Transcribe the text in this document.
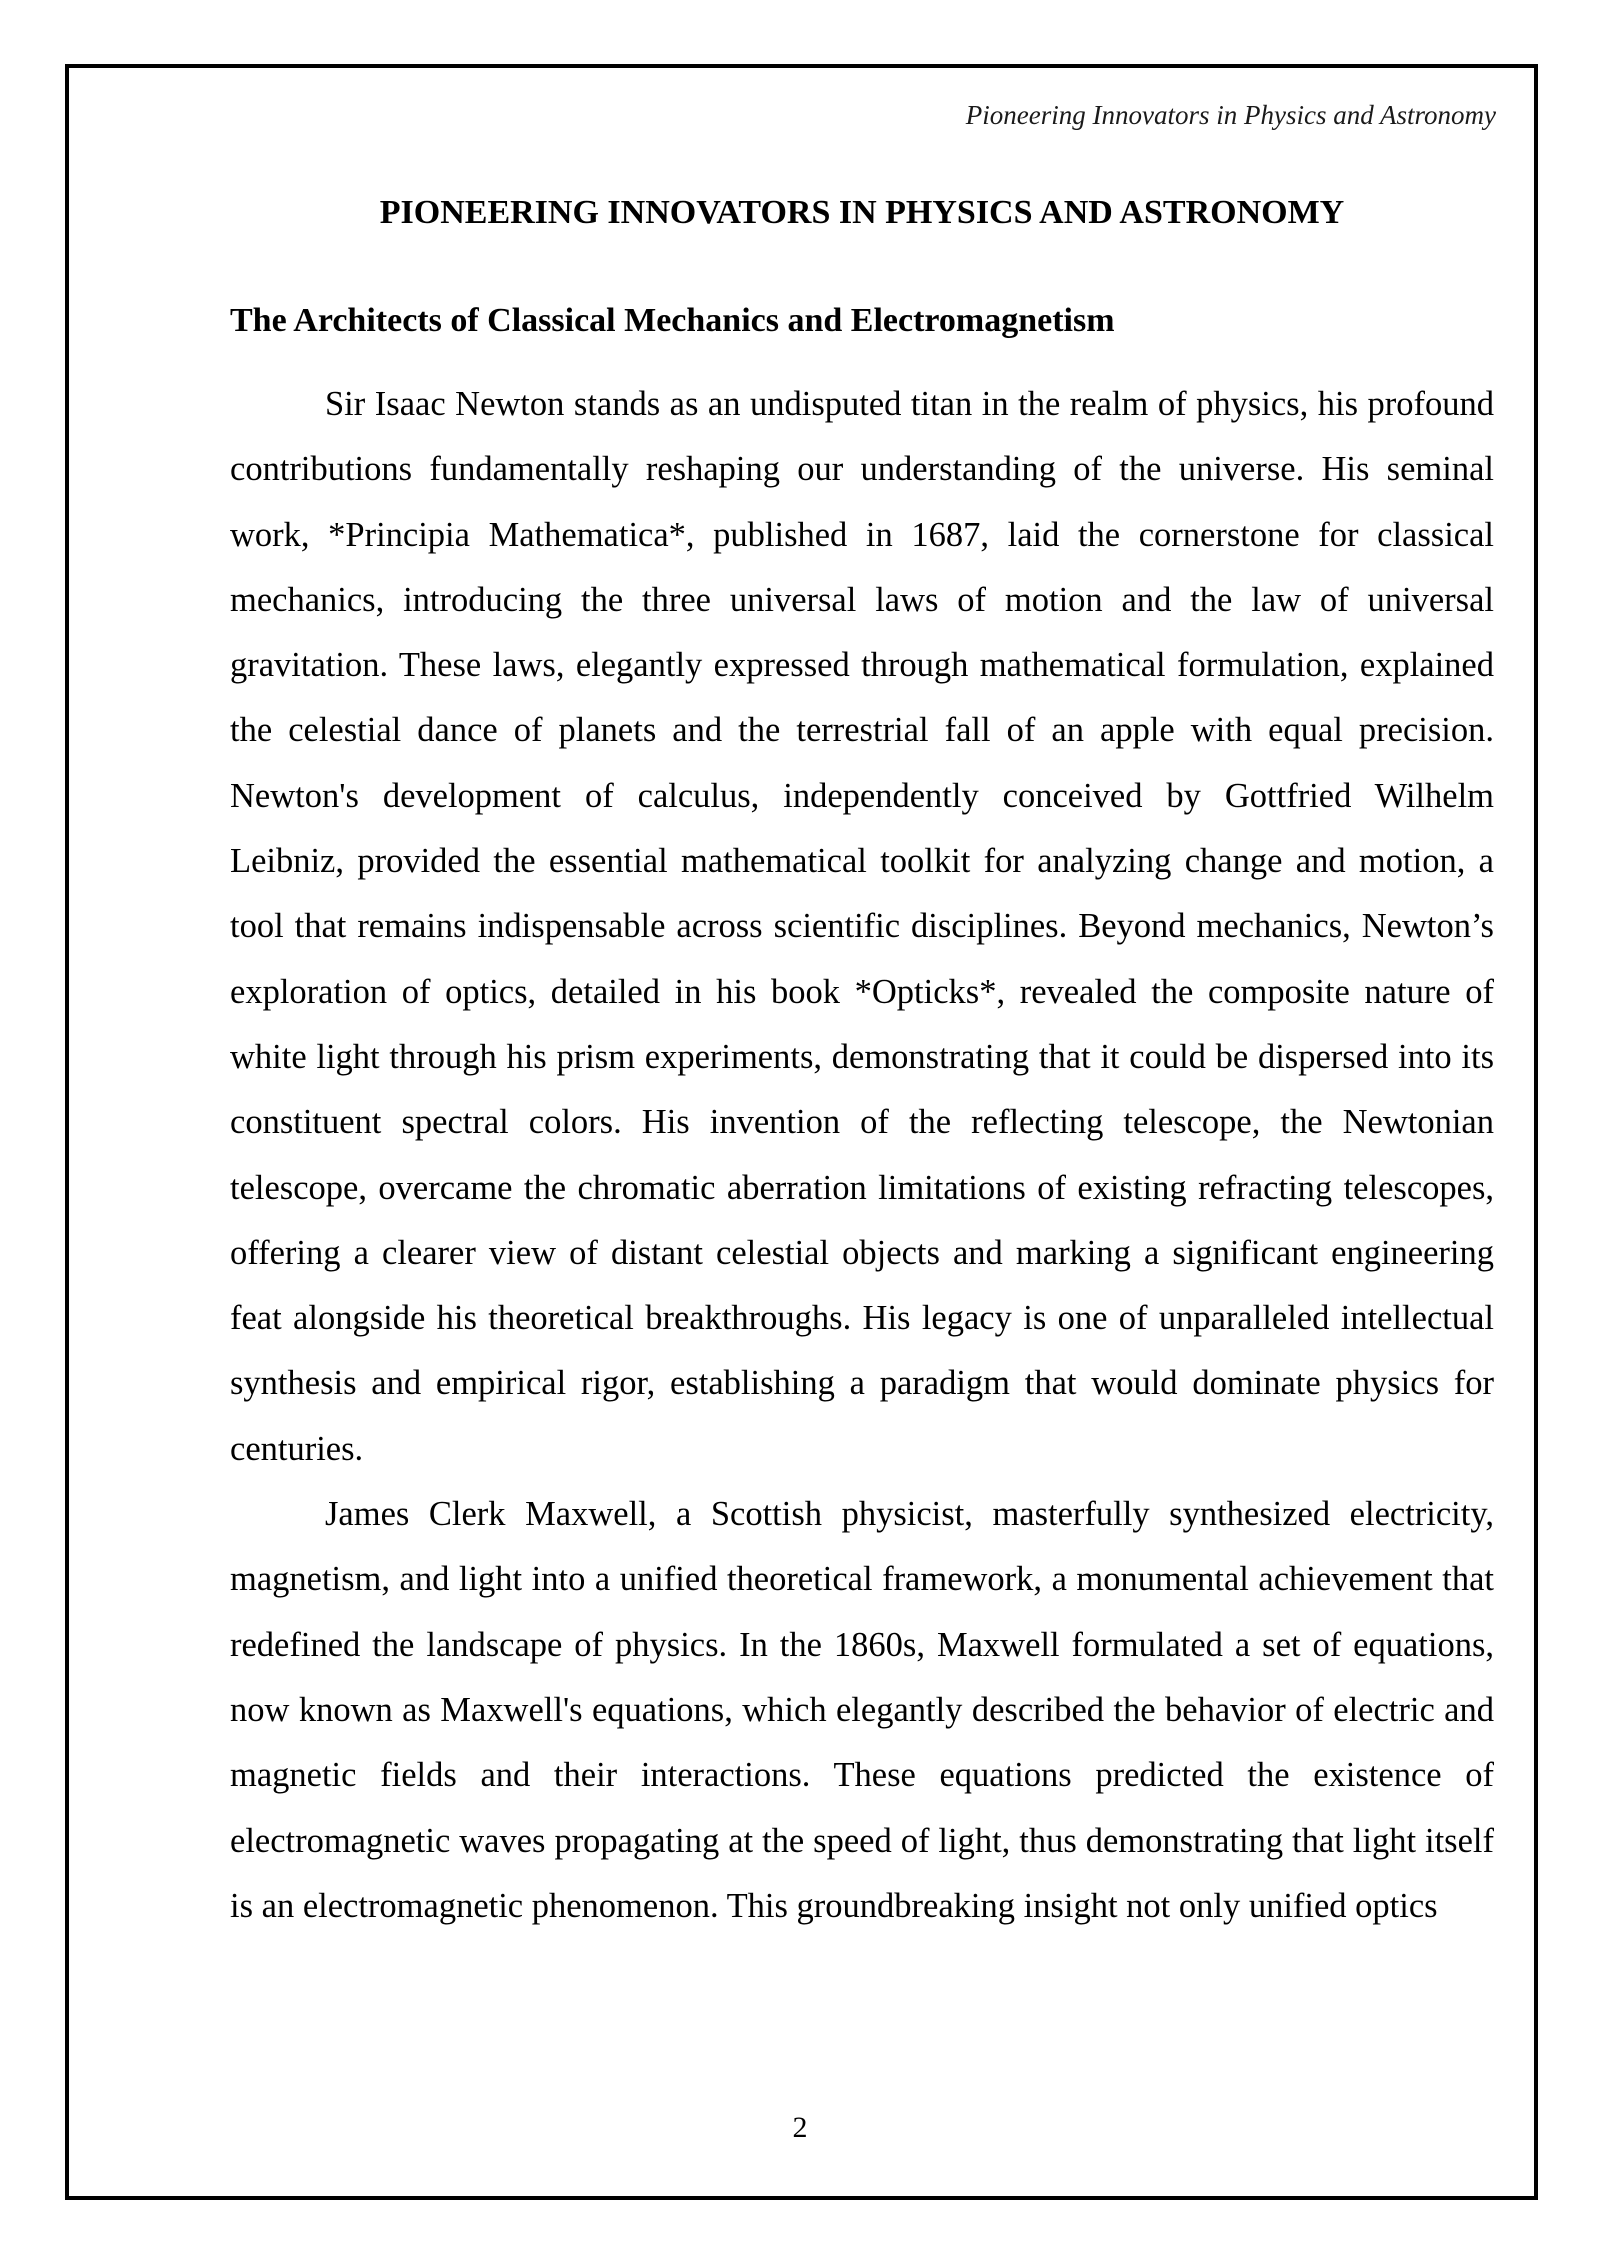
Pioneering Innovators in Physics and Astronomy
PIONEERING INNOVATORS IN PHYSICS AND ASTRONOMY
The Architects of Classical Mechanics and Electromagnetism

Sir Isaac Newton stands as an undisputed titan in the realm of physics, his profound contributions fundamentally reshaping our understanding of the universe. His seminal work, *Principia Mathematica*, published in 1687, laid the cornerstone for classical mechanics, introducing the three universal laws of motion and the law of universal gravitation. These laws, elegantly expressed through mathematical formulation, explained the celestial dance of planets and the terrestrial fall of an apple with equal precision. Newton's development of calculus, independently conceived by Gottfried Wilhelm Leibniz, provided the essential mathematical toolkit for analyzing change and motion, a tool that remains indispensable across scientific disciplines. Beyond mechanics, Newton’s exploration of optics, detailed in his book *Opticks*, revealed the composite nature of white light through his prism experiments, demonstrating that it could be dispersed into its constituent spectral colors. His invention of the reflecting telescope, the Newtonian telescope, overcame the chromatic aberration limitations of existing refracting telescopes, offering a clearer view of distant celestial objects and marking a significant engineering feat alongside his theoretical breakthroughs. His legacy is one of unparalleled intellectual synthesis and empirical rigor, establishing a paradigm that would dominate physics for centuries.

James Clerk Maxwell, a Scottish physicist, masterfully synthesized electricity, magnetism, and light into a unified theoretical framework, a monumental achievement that redefined the landscape of physics. In the 1860s, Maxwell formulated a set of equations, now known as Maxwell's equations, which elegantly described the behavior of electric and magnetic fields and their interactions. These equations predicted the existence of electromagnetic waves propagating at the speed of light, thus demonstrating that light itself is an electromagnetic phenomenon. This groundbreaking insight not only unified optics

2
